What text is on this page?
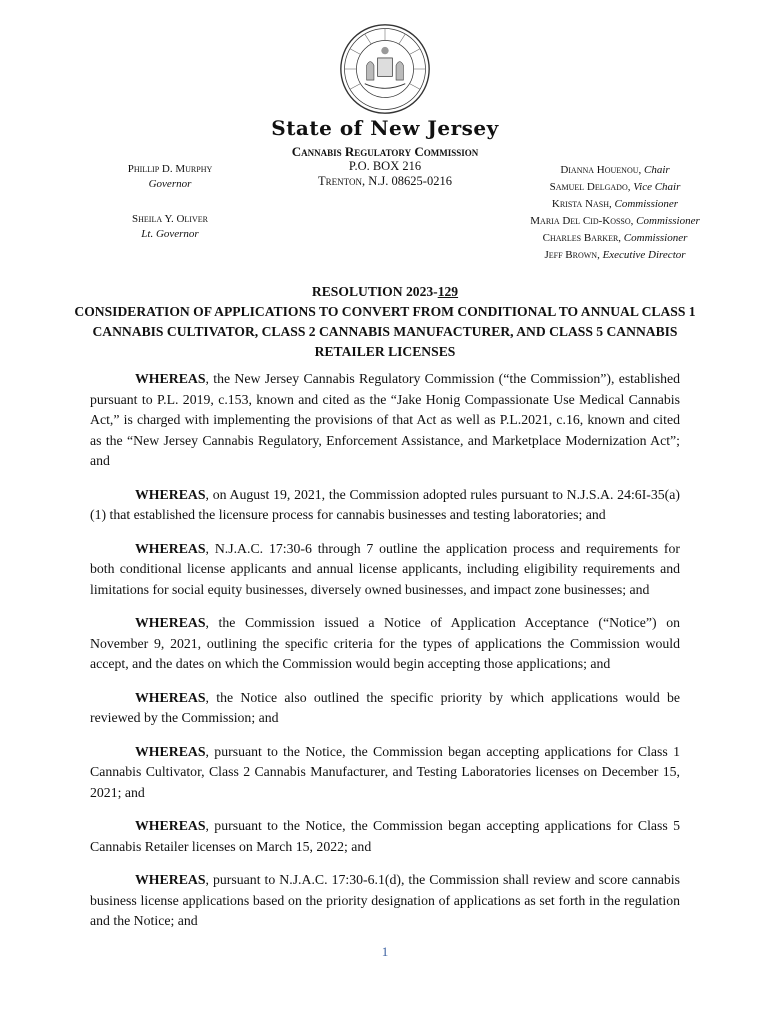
State of New Jersey
Cannabis Regulatory Commission
P.O. BOX 216
Trenton, N.J. 08625-0216
Phillip D. Murphy
Governor
Sheila Y. Oliver
Lt. Governor
Dianna Houenou, Chair
Samuel Delgado, Vice Chair
Krista Nash, Commissioner
Maria Del Cid-Kosso, Commissioner
Charles Barker, Commissioner
Jeff Brown, Executive Director
RESOLUTION 2023-129
CONSIDERATION OF APPLICATIONS TO CONVERT FROM CONDITIONAL TO ANNUAL CLASS 1 CANNABIS CULTIVATOR, CLASS 2 CANNABIS MANUFACTURER, AND CLASS 5 CANNABIS RETAILER LICENSES

WHEREAS, the New Jersey Cannabis Regulatory Commission (“the Commission”), established pursuant to P.L. 2019, c.153, known and cited as the “Jake Honig Compassionate Use Medical Cannabis Act,” is charged with implementing the provisions of that Act as well as P.L.2021, c.16, known and cited as the “New Jersey Cannabis Regulatory, Enforcement Assistance, and Marketplace Modernization Act”; and

WHEREAS, on August 19, 2021, the Commission adopted rules pursuant to N.J.S.A. 24:6I-35(a)(1) that established the licensure process for cannabis businesses and testing laboratories; and

WHEREAS, N.J.A.C. 17:30-6 through 7 outline the application process and requirements for both conditional license applicants and annual license applicants, including eligibility requirements and limitations for social equity businesses, diversely owned businesses, and impact zone businesses; and

WHEREAS, the Commission issued a Notice of Application Acceptance (“Notice”) on November 9, 2021, outlining the specific criteria for the types of applications the Commission would accept, and the dates on which the Commission would begin accepting those applications; and

WHEREAS, the Notice also outlined the specific priority by which applications would be reviewed by the Commission; and

WHEREAS, pursuant to the Notice, the Commission began accepting applications for Class 1 Cannabis Cultivator, Class 2 Cannabis Manufacturer, and Testing Laboratories licenses on December 15, 2021; and

WHEREAS, pursuant to the Notice, the Commission began accepting applications for Class 5 Cannabis Retailer licenses on March 15, 2022; and

WHEREAS, pursuant to N.J.A.C. 17:30-6.1(d), the Commission shall review and score cannabis business license applications based on the priority designation of applications as set forth in the regulation and the Notice; and

1
